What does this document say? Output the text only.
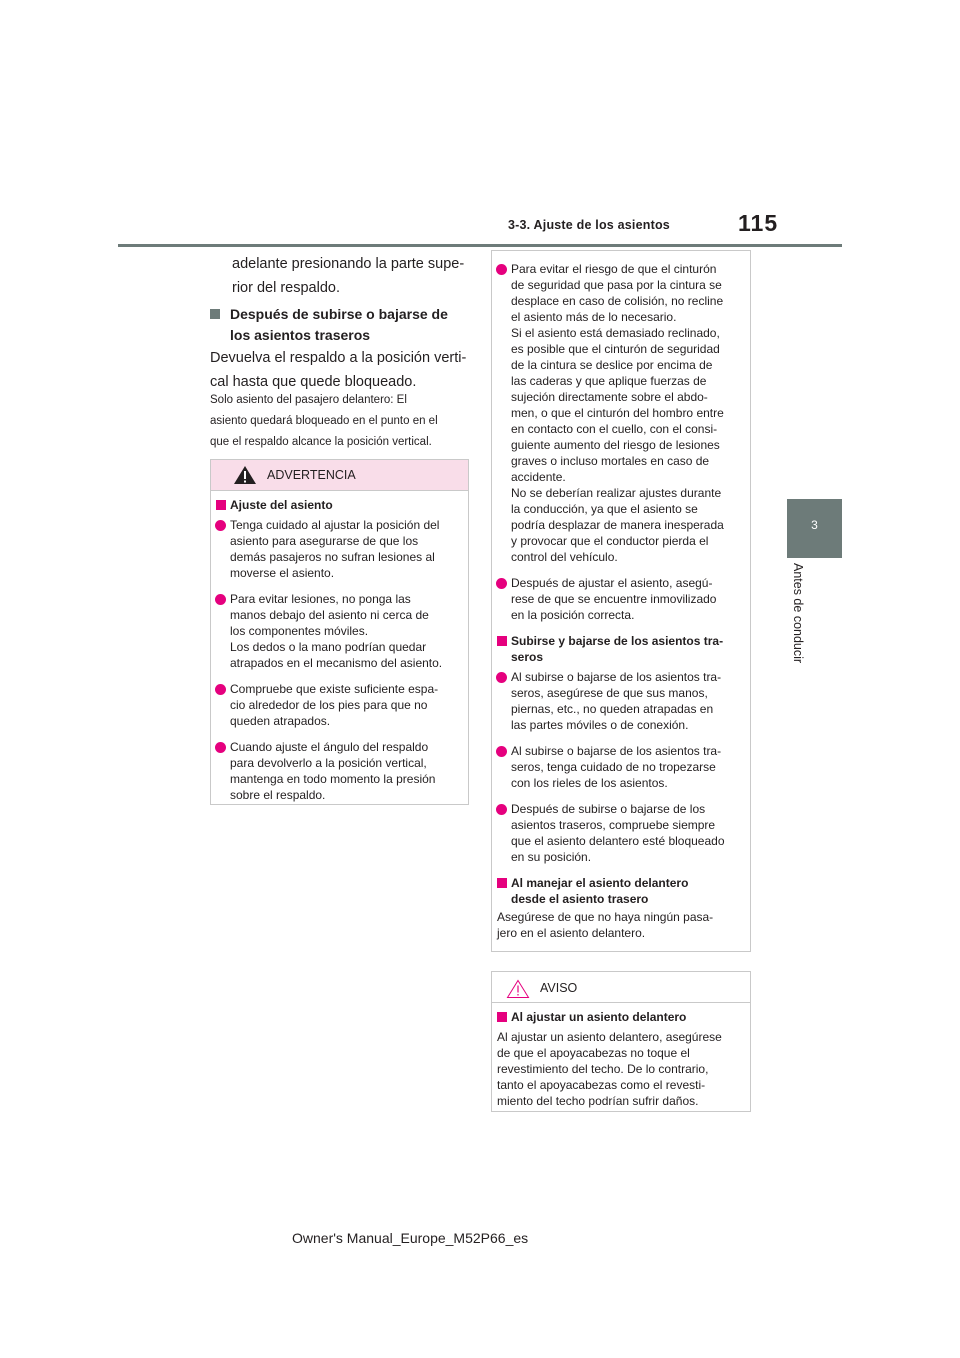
3-3. Ajuste de los asientos	115
3
Antes de conducir
adelante presionando la parte supe-
rior del respaldo.
Después de subirse o bajarse de
los asientos traseros
Devuelva el respaldo a la posición verti-
cal hasta que quede bloqueado.
Solo asiento del pasajero delantero: El
asiento quedará bloqueado en el punto en el
que el respaldo alcance la posición vertical.
ADVERTENCIA
Ajuste del asiento
Tenga cuidado al ajustar la posición del
asiento para asegurarse de que los
demás pasajeros no sufran lesiones al
moverse el asiento.
Para evitar lesiones, no ponga las
manos debajo del asiento ni cerca de
los componentes móviles.
Los dedos o la mano podrían quedar
atrapados en el mecanismo del asiento.
Compruebe que existe suficiente espa-
cio alrededor de los pies para que no
queden atrapados.
Cuando ajuste el ángulo del respaldo
para devolverlo a la posición vertical,
mantenga en todo momento la presión
sobre el respaldo.
Para evitar el riesgo de que el cinturón
de seguridad que pasa por la cintura se
desplace en caso de colisión, no recline
el asiento más de lo necesario.
Si el asiento está demasiado reclinado,
es posible que el cinturón de seguridad
de la cintura se deslice por encima de
las caderas y que aplique fuerzas de
sujeción directamente sobre el abdo-
men, o que el cinturón del hombro entre
en contacto con el cuello, con el consi-
guiente aumento del riesgo de lesiones
graves o incluso mortales en caso de
accidente.
No se deberían realizar ajustes durante
la conducción, ya que el asiento se
podría desplazar de manera inesperada
y provocar que el conductor pierda el
control del vehículo.
Después de ajustar el asiento, asegú-
rese de que se encuentre inmovilizado
en la posición correcta.
Subirse y bajarse de los asientos tra-
seros
Al subirse o bajarse de los asientos tra-
seros, asegúrese de que sus manos,
piernas, etc., no queden atrapadas en
las partes móviles o de conexión.
Al subirse o bajarse de los asientos tra-
seros, tenga cuidado de no tropezarse
con los rieles de los asientos.
Después de subirse o bajarse de los
asientos traseros, compruebe siempre
que el asiento delantero esté bloqueado
en su posición.
Al manejar el asiento delantero
desde el asiento trasero
Asegúrese de que no haya ningún pasa-
jero en el asiento delantero.
AVISO
Al ajustar un asiento delantero
Al ajustar un asiento delantero, asegúrese
de que el apoyacabezas no toque el
revestimiento del techo. De lo contrario,
tanto el apoyacabezas como el revesti-
miento del techo podrían sufrir daños.
Owner's Manual_Europe_M52P66_es
